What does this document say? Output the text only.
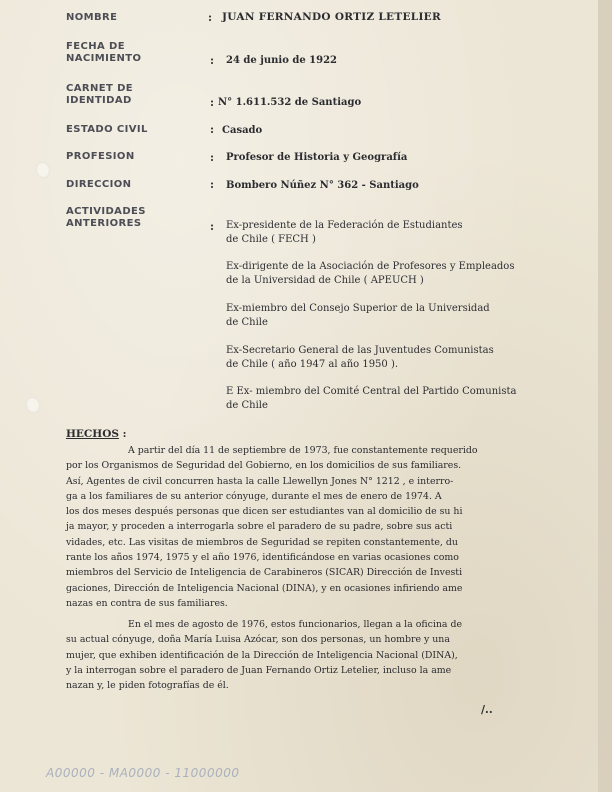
NOMBRE	: JUAN FERNANDO ORTIZ LETELIER
FECHA DE
NACIMIENTO	: 24 de junio de 1922
CARNET DE
IDENTIDAD	: N° 1.611.532 de Santiago
ESTADO CIVIL	: Casado
PROFESION	: Profesor de Historia y Geografía
DIRECCION	: Bombero Núñez N° 362 - Santiago
ACTIVIDADES
ANTERIORES	: Ex-presidente de la Federación de Estudiantes
de Chile ( FECH )
Ex-dirigente de la Asociación de Profesores y Empleados
de la Universidad de Chile ( APEUCH )
Ex-miembro del Consejo Superior de la Universidad
de Chile
Ex-Secretario General de las Juventudes Comunistas
de Chile ( año 1947 al año 1950 ).
E Ex- miembro del Comité Central del Partido Comunista
de Chile
HECHOS :
A partir del día 11 de septiembre de 1973, fue constantemente requerido
por los Organismos de Seguridad del Gobierno, en los domicilios de sus familiares.
Así, Agentes de civil concurren hasta la calle Llewellyn Jones N° 1212 , e interro-
ga a los familiares de su anterior cónyuge, durante el mes de enero de 1974. A
los dos meses después personas que dicen ser estudiantes van al domicilio de su hi
ja mayor, y proceden a interrogarla sobre el paradero de su padre, sobre sus acti
vidades, etc. Las visitas de miembros de Seguridad se repiten constantemente, du
rante los años 1974, 1975 y el año 1976, identificándose en varias ocasiones como
miembros del Servicio de Inteligencia de Carabineros (SICAR) Dirección de Investi
gaciones, Dirección de Inteligencia Nacional (DINA), y en ocasiones infiriendo ame
nazas en contra de sus familiares.
En el mes de agosto de 1976, estos funcionarios, llegan a la oficina de
su actual cónyuge, doña María Luisa Azócar, son dos personas, un hombre y una
mujer, que exhiben identificación de la Dirección de Inteligencia Nacional (DINA),
y la interrogan sobre el paradero de Juan Fernando Ortiz Letelier, incluso la ame
nazan y, le piden fotografías de él.
/..
A00000 - MA0000 - 11000000
